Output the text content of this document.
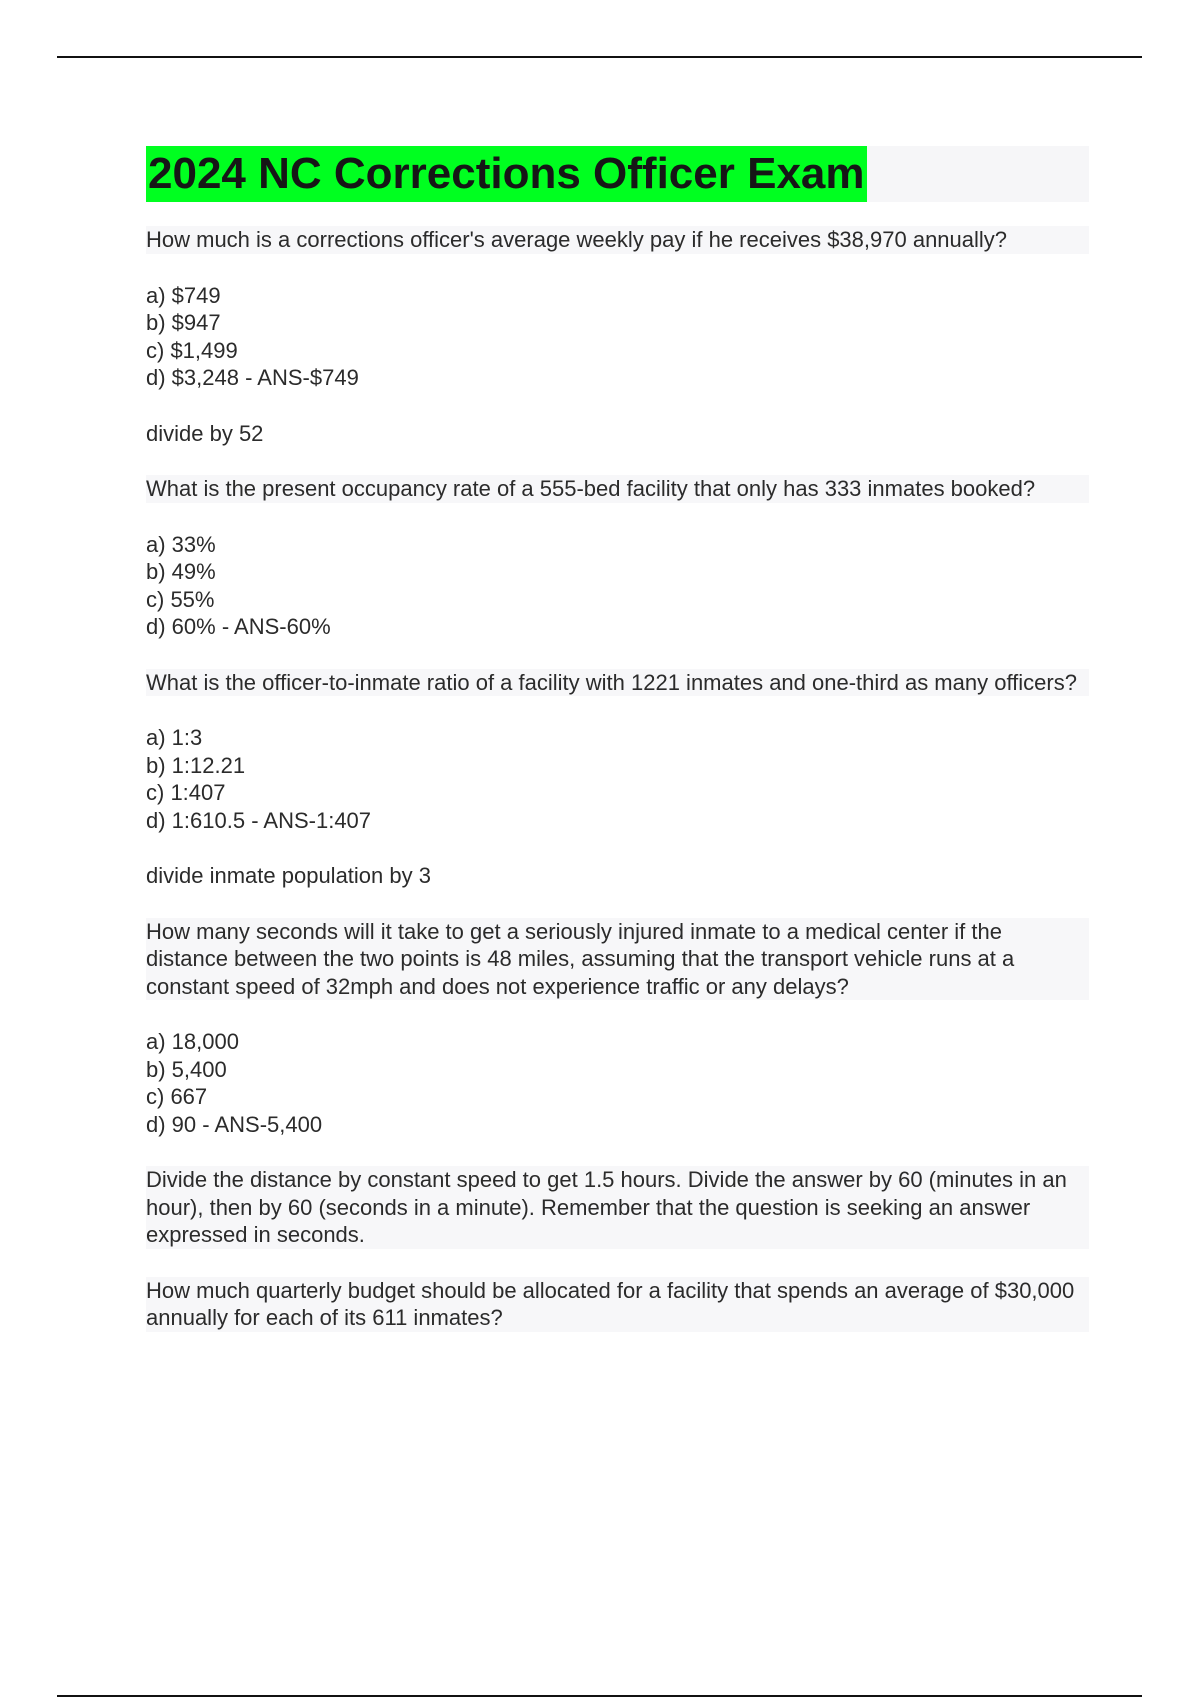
2024 NC Corrections Officer Exam

How much is a corrections officer's average weekly pay if he receives $38,970 annually?

a) $749
b) $947
c) $1,499
d) $3,248 - ANS-$749

divide by 52

What is the present occupancy rate of a 555-bed facility that only has 333 inmates booked?

a) 33%
b) 49%
c) 55%
d) 60% - ANS-60%

What is the officer-to-inmate ratio of a facility with 1221 inmates and one-third as many officers?

a) 1:3
b) 1:12.21
c) 1:407
d) 1:610.5 - ANS-1:407

divide inmate population by 3

How many seconds will it take to get a seriously injured inmate to a medical center if the distance between the two points is 48 miles, assuming that the transport vehicle runs at a constant speed of 32mph and does not experience traffic or any delays?

a) 18,000
b) 5,400
c) 667
d) 90 - ANS-5,400

Divide the distance by constant speed to get 1.5 hours. Divide the answer by 60 (minutes in an hour), then by 60 (seconds in a minute). Remember that the question is seeking an answer expressed in seconds.

How much quarterly budget should be allocated for a facility that spends an average of $30,000 annually for each of its 611 inmates?
